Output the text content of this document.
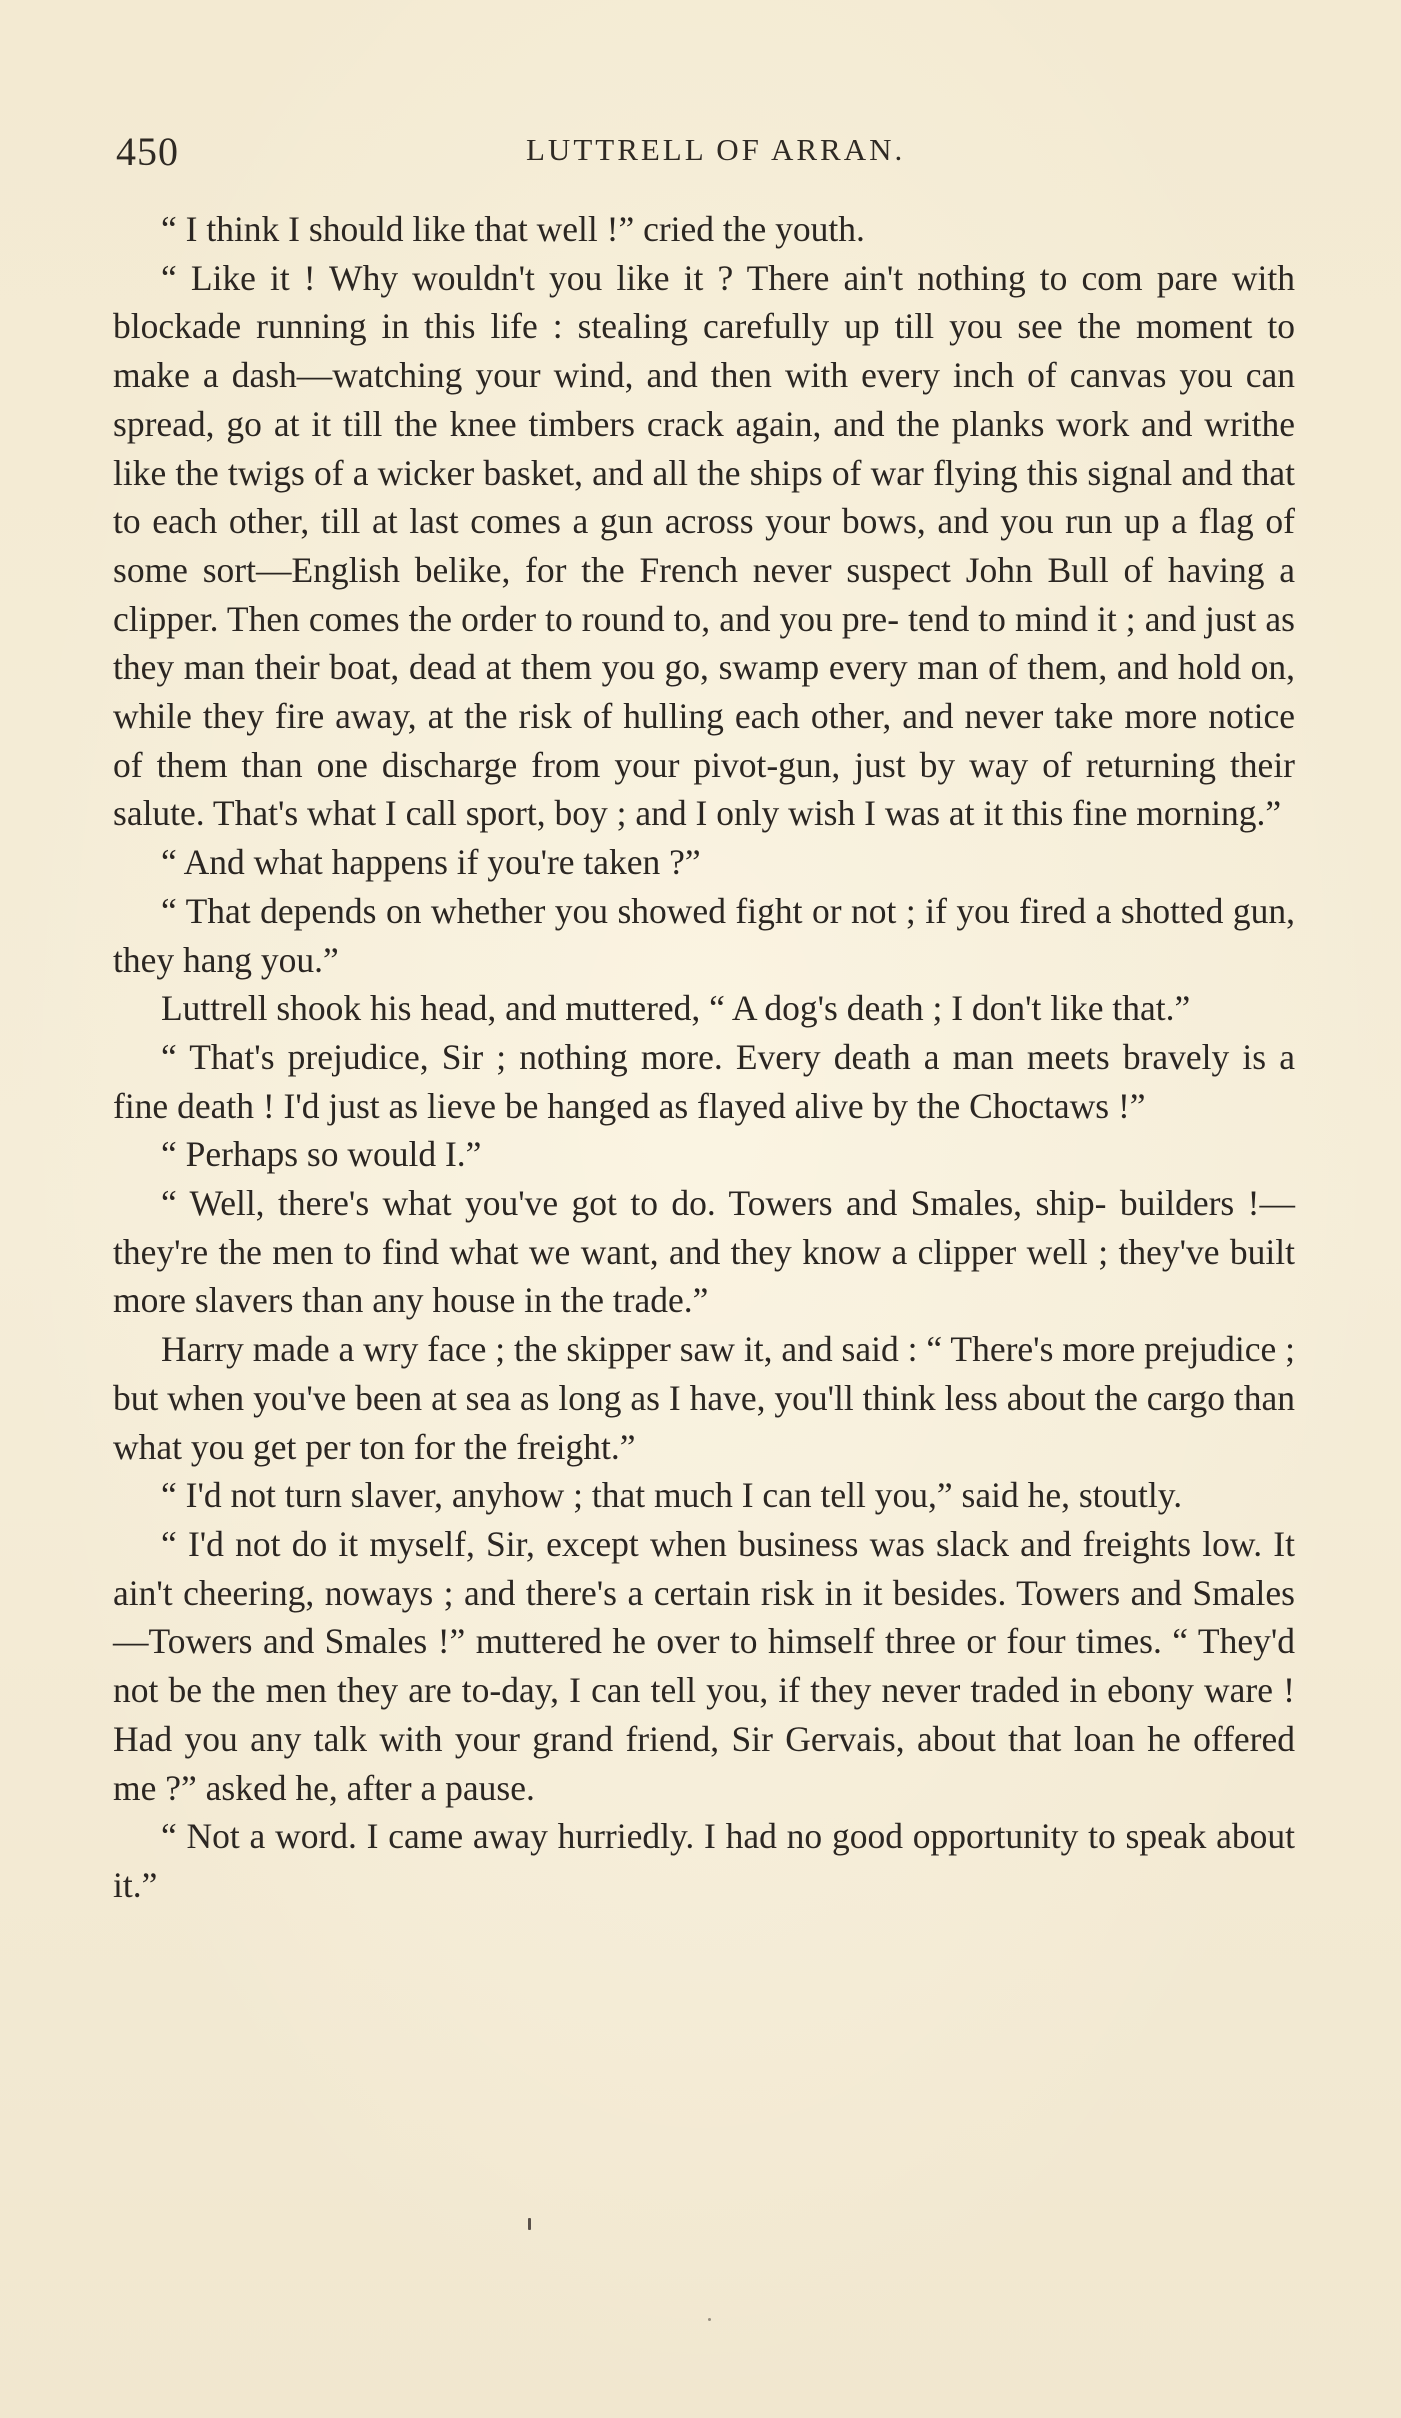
450	LUTTRELL OF ARRAN.

“ I think I should like that well !” cried the youth.

“ Like it ! Why wouldn't you like it ? There ain't nothing to com pare with blockade running in this life : stealing carefully up till you see the moment to make a dash—watching your wind, and then with every inch of canvas you can spread, go at it till the knee timbers crack again, and the planks work and writhe like the twigs of a wicker basket, and all the ships of war flying this signal and that to each other, till at last comes a gun across your bows, and you run up a flag of some sort—English belike, for the French never suspect John Bull of having a clipper. Then comes the order to round to, and you pre- tend to mind it ; and just as they man their boat, dead at them you go, swamp every man of them, and hold on, while they fire away, at the risk of hulling each other, and never take more notice of them than one discharge from your pivot-gun, just by way of returning their salute. That's what I call sport, boy ; and I only wish I was at it this fine morning.”

“ And what happens if you're taken ?”

“ That depends on whether you showed fight or not ; if you fired a shotted gun, they hang you.”

Luttrell shook his head, and muttered, “ A dog's death ; I don't like that.”

“ That's prejudice, Sir ; nothing more. Every death a man meets bravely is a fine death ! I'd just as lieve be hanged as flayed alive by the Choctaws !”

“ Perhaps so would I.”

“ Well, there's what you've got to do. Towers and Smales, ship- builders !—they're the men to find what we want, and they know a clipper well ; they've built more slavers than any house in the trade.”

Harry made a wry face ; the skipper saw it, and said : “ There's more prejudice ; but when you've been at sea as long as I have, you'll think less about the cargo than what you get per ton for the freight.”

“ I'd not turn slaver, anyhow ; that much I can tell you,” said he, stoutly.

“ I'd not do it myself, Sir, except when business was slack and freights low. It ain't cheering, noways ; and there's a certain risk in it besides. Towers and Smales—Towers and Smales !” muttered he over to himself three or four times. “ They'd not be the men they are to-day, I can tell you, if they never traded in ebony ware ! Had you any talk with your grand friend, Sir Gervais, about that loan he offered me ?” asked he, after a pause.

“ Not a word. I came away hurriedly. I had no good opportunity to speak about it.”
